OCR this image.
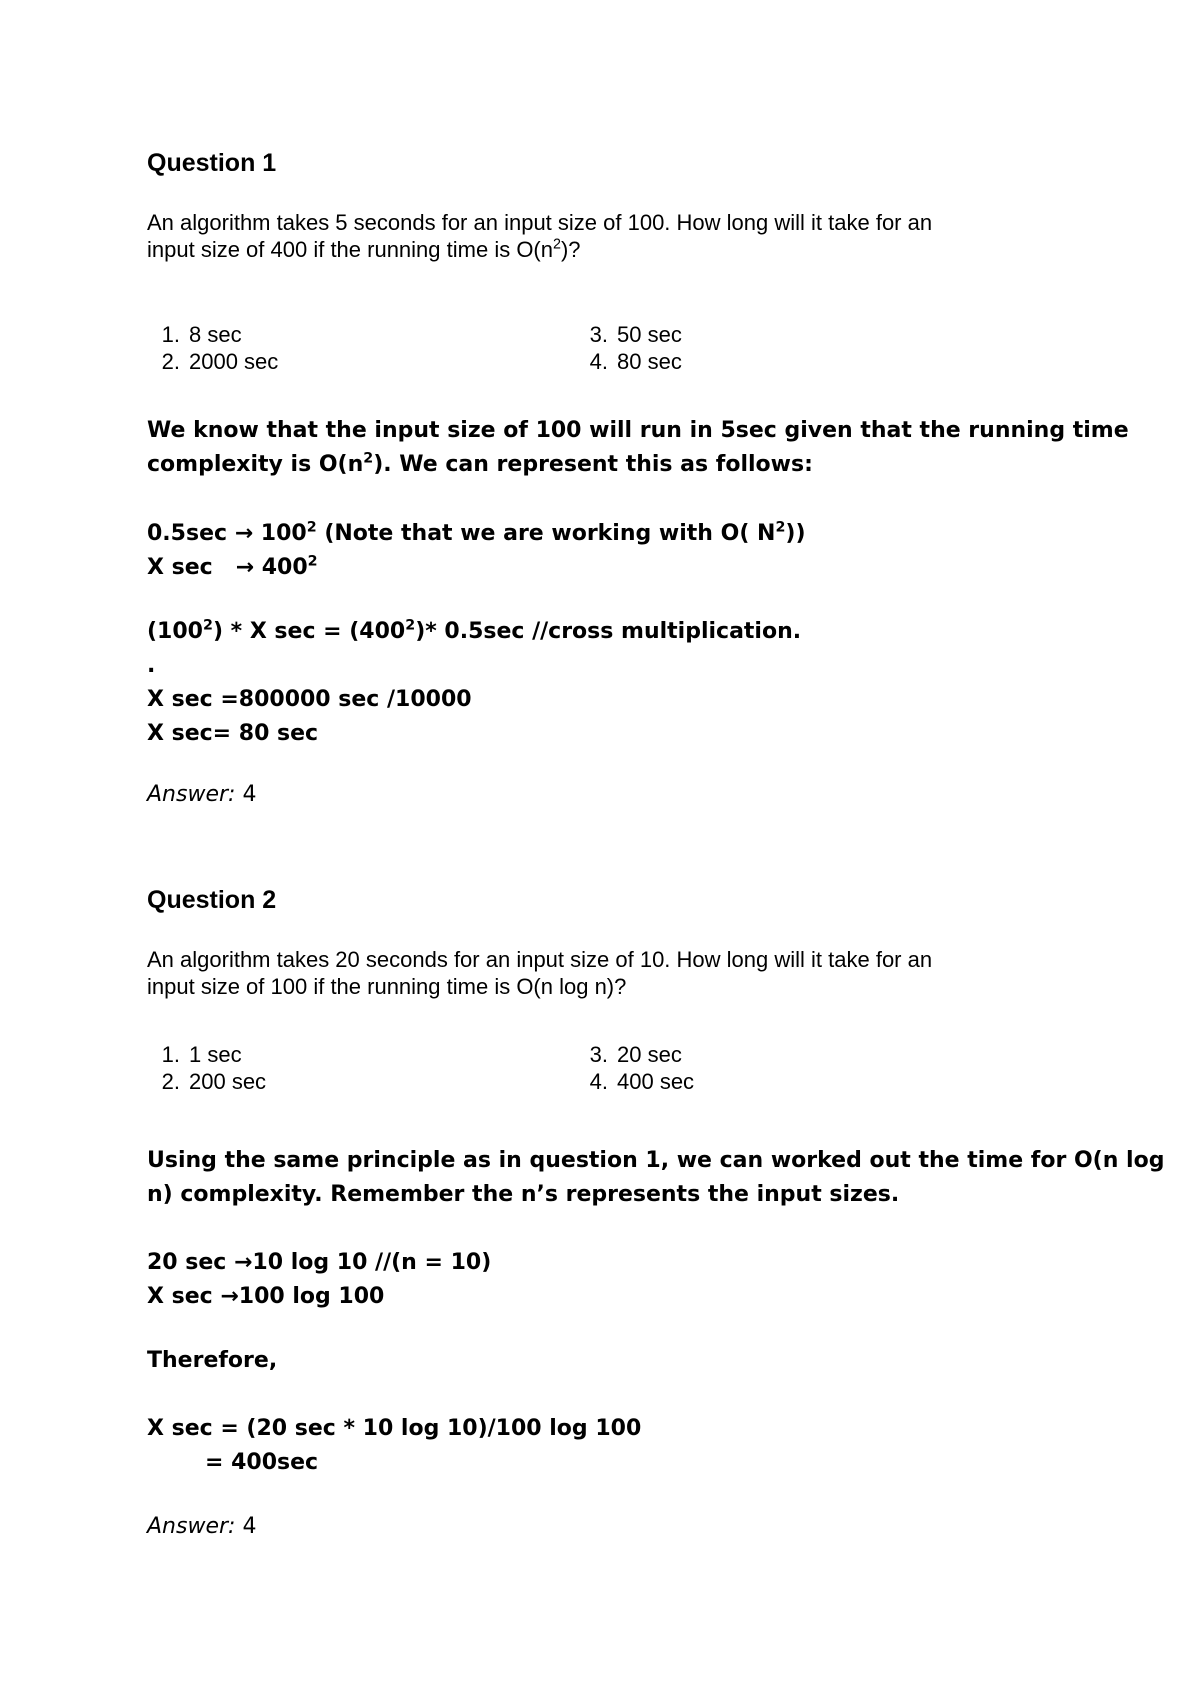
Question 1

An algorithm takes 5 seconds for an input size of 100. How long will it take for an
input size of 400 if the running time is $O(n^2)$?

1. 8 sec
2. 2000 sec
3. 50 sec
4. 80 sec

We know that the input size of 100 will run in 5sec given that the running time
complexity is $O(n^2)$. We can represent this as follows:

$0.5\sec \to 100^2$ (Note that we are working with O( $N^2$))
X $\sec \to 400^2$

$(100^2)$ * X $\sec = (400^2)*$ 0.5sec //cross multiplication.

.

X sec =800000 sec /10000
X sec= 80 sec

Answer: 4
Question 2

An algorithm takes 20 seconds for an input size of 10. How long will it take for an
input size of 100 if the running time is O(n log n)?

1. 1 sec
2. 200 sec
3. 20 sec
4. 400 sec

Using the same principle as in question 1, we can worked out the time for O(n log
n) complexity. Remember the n’s represents the input sizes.

20 sec →10 log 10 //(n = 10)
X sec →100 log 100

Therefore,

X sec = (20 sec * 10 log 10)/100 log 100

= 400sec

Answer: 4
